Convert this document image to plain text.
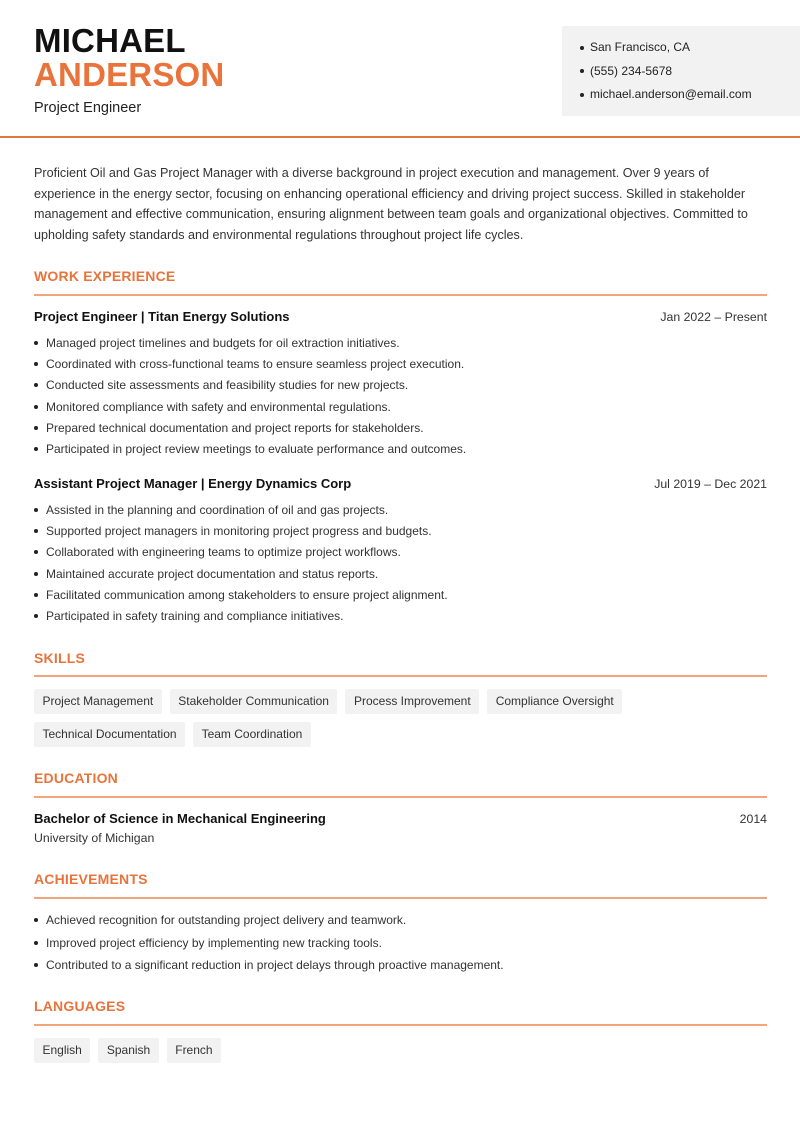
MICHAEL
ANDERSON
Project Engineer
San Francisco, CA
(555) 234-5678
michael.anderson@email.com

Proficient Oil and Gas Project Manager with a diverse background in project execution and management. Over 9 years of experience in the energy sector, focusing on enhancing operational efficiency and driving project success. Skilled in stakeholder management and effective communication, ensuring alignment between team goals and organizational objectives. Committed to upholding safety standards and environmental regulations throughout project life cycles.

WORK EXPERIENCE
Project Engineer | Titan Energy Solutions	Jan 2022 – Present
Managed project timelines and budgets for oil extraction initiatives.
Coordinated with cross-functional teams to ensure seamless project execution.
Conducted site assessments and feasibility studies for new projects.
Monitored compliance with safety and environmental regulations.
Prepared technical documentation and project reports for stakeholders.
Participated in project review meetings to evaluate performance and outcomes.
Assistant Project Manager | Energy Dynamics Corp	Jul 2019 – Dec 2021
Assisted in the planning and coordination of oil and gas projects.
Supported project managers in monitoring project progress and budgets.
Collaborated with engineering teams to optimize project workflows.
Maintained accurate project documentation and status reports.
Facilitated communication among stakeholders to ensure project alignment.
Participated in safety training and compliance initiatives.
SKILLS
Project Management	Stakeholder Communication	Process Improvement	Compliance Oversight
Technical Documentation	Team Coordination
EDUCATION
Bachelor of Science in Mechanical Engineering	2014
University of Michigan
ACHIEVEMENTS
Achieved recognition for outstanding project delivery and teamwork.
Improved project efficiency by implementing new tracking tools.
Contributed to a significant reduction in project delays through proactive management.
LANGUAGES
English	Spanish	French
